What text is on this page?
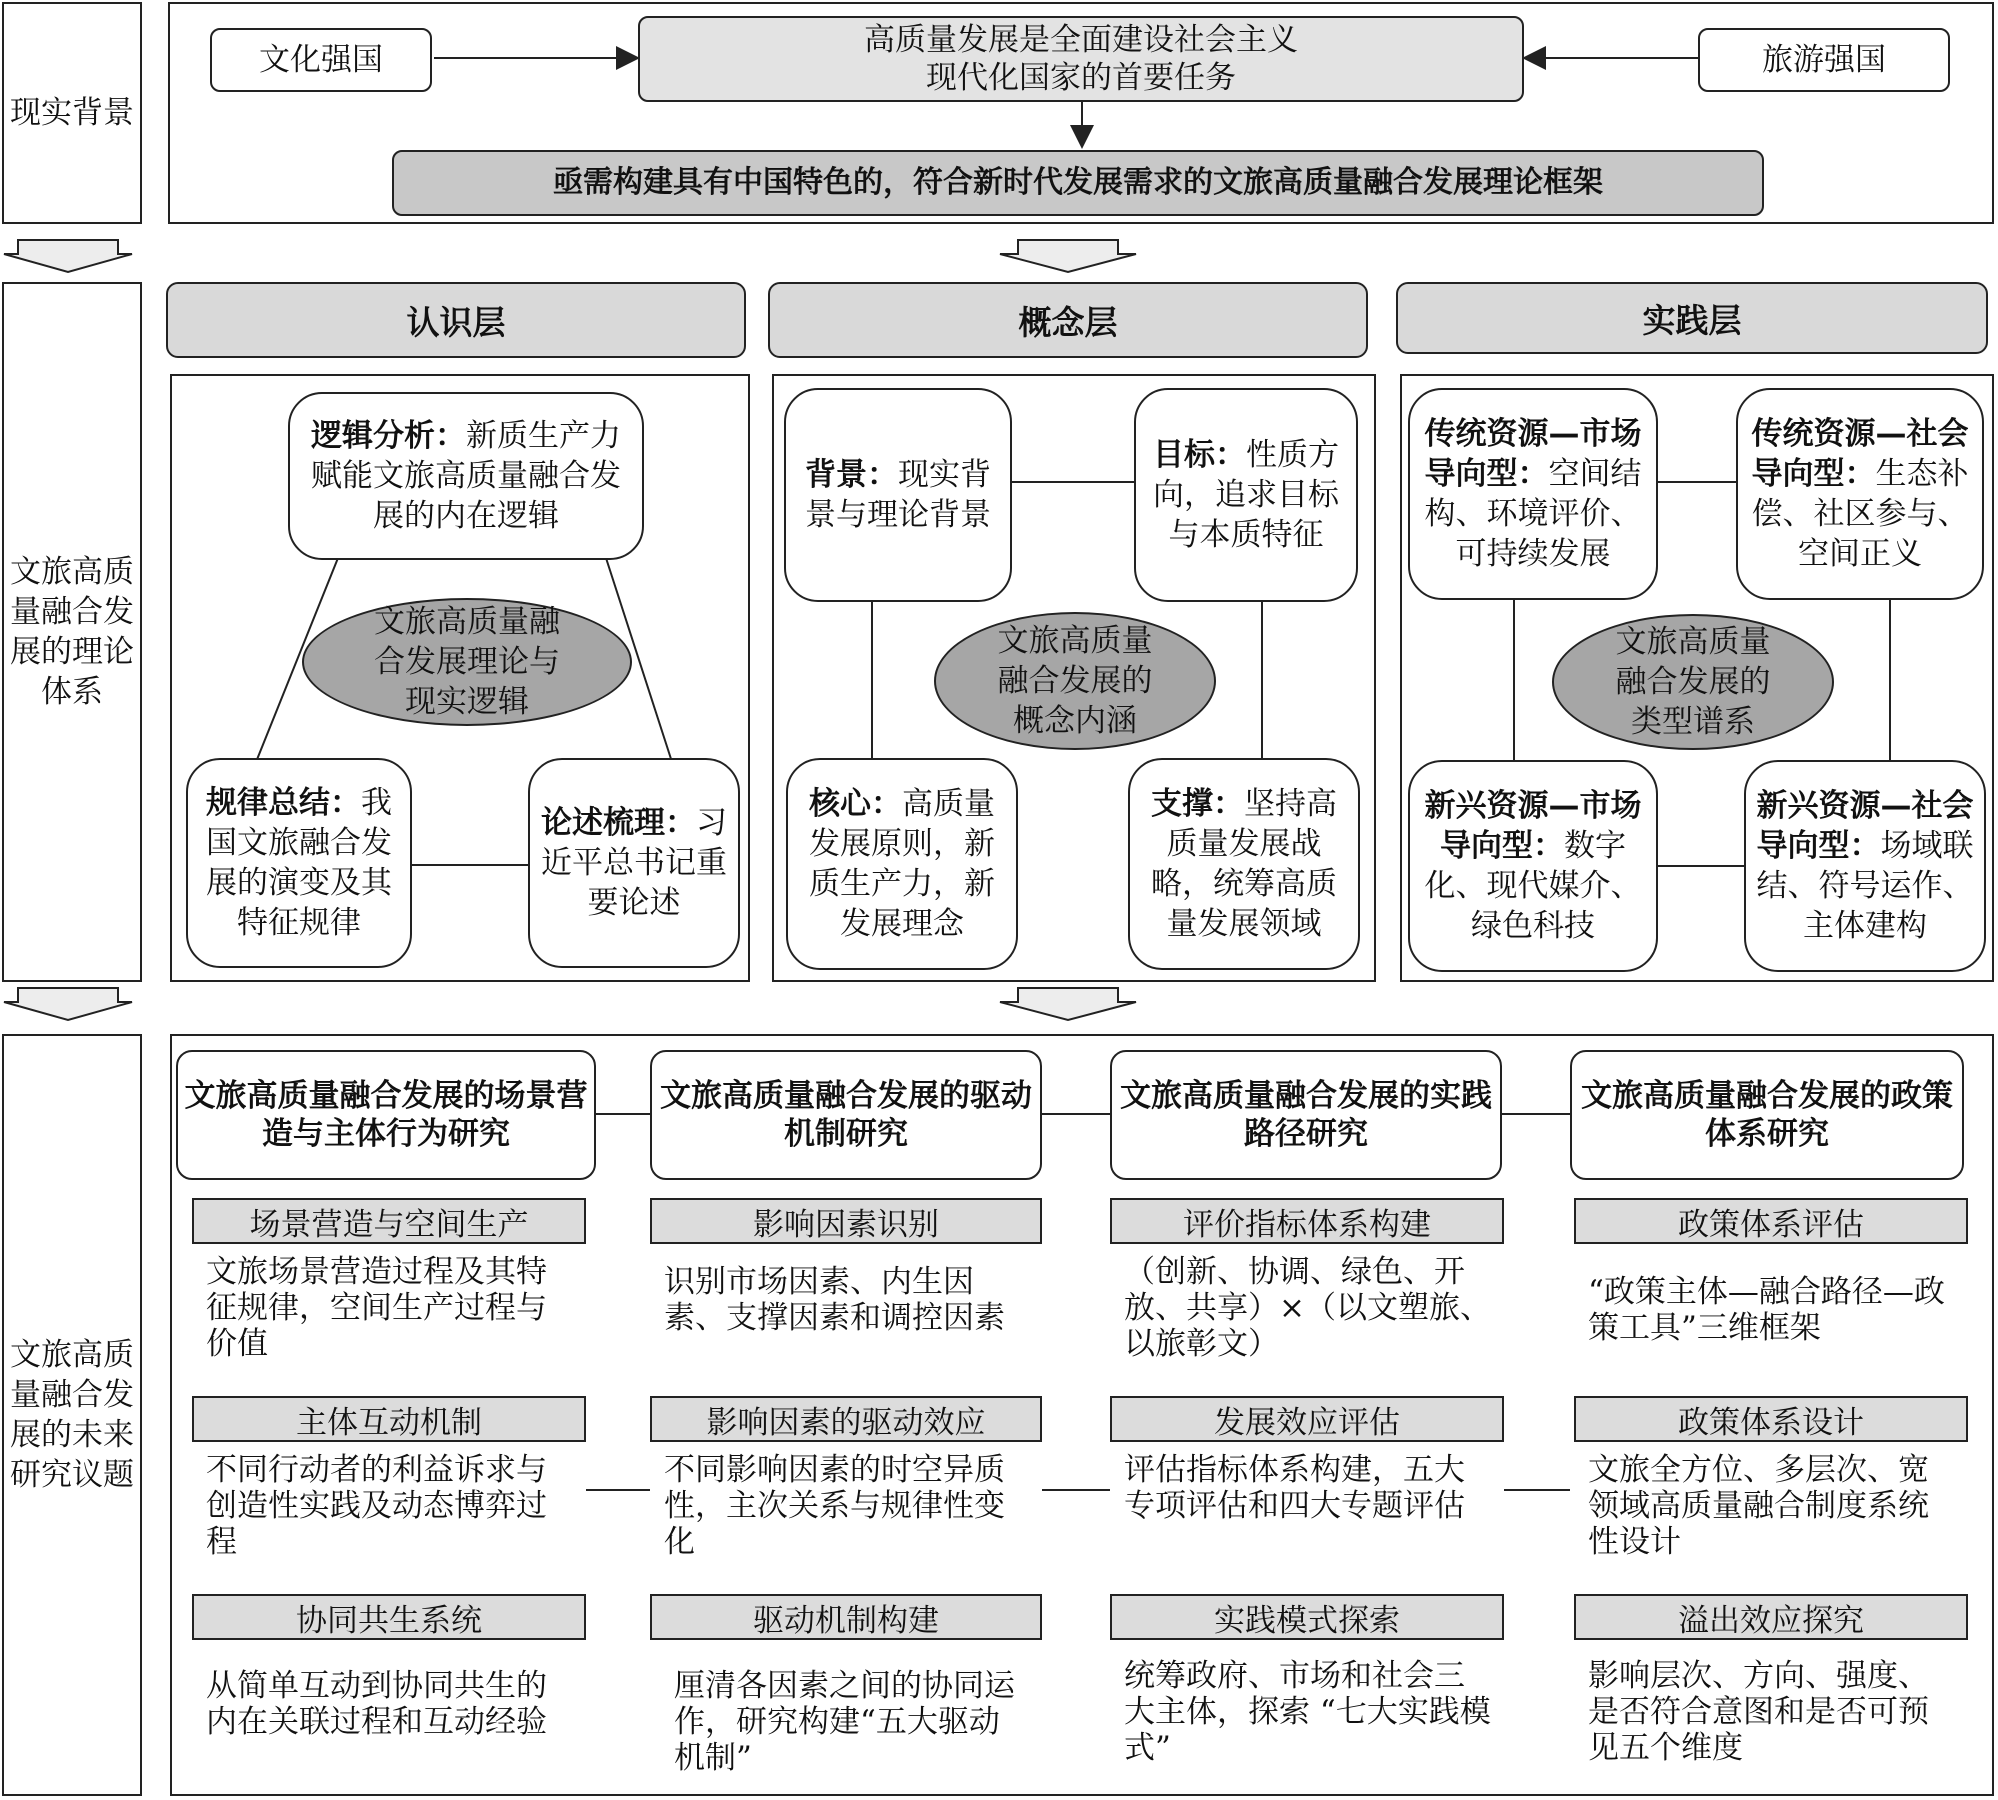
现实背景
文旅高质量融合发展的理论体系
文旅高质量融合发展的未来研究议题
文化强国
高质量发展是全面建设社会主义
现代化国家的首要任务	旅游强国
亟需构建具有中国特色的，符合新时代发展需求的文旅高质量融合发展理论框架
认识层	概念层	实践层
逻辑分析：新质生产力赋能文旅高质量融合发展的内在逻辑
文旅高质量融合发展理论与现实逻辑
规律总结：我国文旅融合发展的演变及其特征规律
论述梳理：习近平总书记重要论述
背景：现实背景与理论背景
目标：性质方向，追求目标与本质特征
文旅高质量融合发展的概念内涵
核心：高质量发展原则，新质生产力，新发展理念
支撑：坚持高质量发展战略，统筹高质量发展领域
传统资源—市场导向型：空间结构、环境评价、可持续发展
传统资源—社会导向型：生态补偿、社区参与、空间正义
文旅高质量融合发展的类型谱系
新兴资源—市场导向型：数字化、现代媒介、绿色科技
新兴资源—社会导向型：场域联结、符号运作、主体建构
文旅高质量融合发展的场景营造与主体行为研究
场景营造与空间生产
文旅场景营造过程及其特征规律，空间生产过程与价值
主体互动机制
不同行动者的利益诉求与创造性实践及动态博弈过程
协同共生系统
从简单互动到协同共生的内在关联过程和互动经验
文旅高质量融合发展的驱动机制研究
影响因素识别
识别市场因素、内生因素、支撑因素和调控因素
影响因素的驱动效应
不同影响因素的时空异质性，主次关系与规律性变化
驱动机制构建
厘清各因素之间的协同运作，研究构建“五大驱动机制”
文旅高质量融合发展的实践路径研究
评价指标体系构建
（创新、协调、绿色、开放、共享）×（以文塑旅、以旅彰文）
发展效应评估
评估指标体系构建，五大专项评估和四大专题评估
实践模式探索
统筹政府、市场和社会三大主体，探索 “七大实践模式”
文旅高质量融合发展的政策体系研究
政策体系评估
“政策主体—融合路径—政策工具”三维框架
政策体系设计
文旅全方位、多层次、宽领域高质量融合制度系统性设计
溢出效应探究
影响层次、方向、强度、是否符合意图和是否可预见五个维度
